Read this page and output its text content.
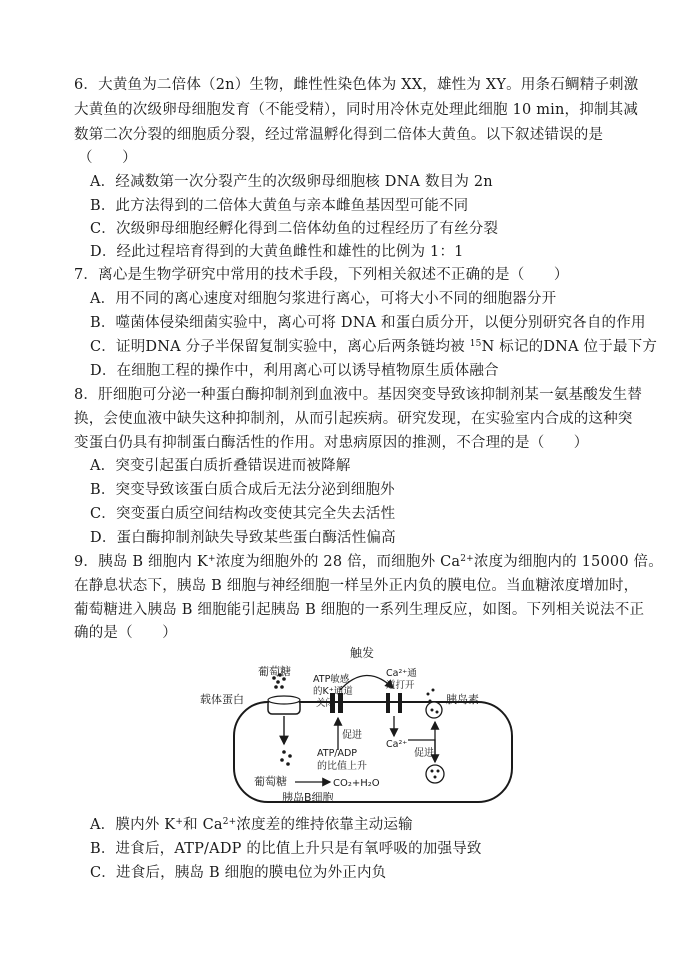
6．大黄鱼为二倍体（2n）生物，雌性性染色体为 XX，雄性为 XY。用条石鲷精子刺激
大黄鱼的次级卵母细胞发育（不能受精），同时用冷休克处理此细胞 10 min，抑制其减
数第二次分裂的细胞质分裂，经过常温孵化得到二倍体大黄鱼。以下叙述错误的是
（　　）
A．经减数第一次分裂产生的次级卵母细胞核 DNA 数目为 2n
B．此方法得到的二倍体大黄鱼与亲本雌鱼基因型可能不同
C．次级卵母细胞经孵化得到二倍体幼鱼的过程经历了有丝分裂
D．经此过程培育得到的大黄鱼雌性和雄性的比例为 1：1
7．离心是生物学研究中常用的技术手段，下列相关叙述不正确的是（　　）
A．用不同的离心速度对细胞匀浆进行离心，可将大小不同的细胞器分开
B．噬菌体侵染细菌实验中，离心可将 DNA 和蛋白质分开，以便分别研究各自的作用
C．证明DNA 分子半保留复制实验中，离心后两条链均被 $^{15}$N 标记的DNA 位于最下方
D．在细胞工程的操作中，利用离心可以诱导植物原生质体融合
8．肝细胞可分泌一种蛋白酶抑制剂到血液中。基因突变导致该抑制剂某一氨基酸发生替
换，会使血液中缺失这种抑制剂，从而引起疾病。研究发现，在实验室内合成的这种突
变蛋白仍具有抑制蛋白酶活性的作用。对患病原因的推测，不合理的是（　　）
A．突变引起蛋白质折叠错误进而被降解
B．突变导致该蛋白质合成后无法分泌到细胞外
C．突变蛋白质空间结构改变使其完全失去活性
D．蛋白酶抑制剂缺失导致某些蛋白酶活性偏高
9．胰岛 B 细胞内 K+浓度为细胞外的 28 倍，而细胞外 $Ca^{2+}$浓度为细胞内的 15000 倍。
在静息状态下，胰岛 B 细胞与神经细胞一样呈外正内负的膜电位。当血糖浓度增加时，
葡萄糖进入胰岛 B 细胞能引起胰岛 B 细胞的一系列生理反应，如图。下列相关说法不正
确的是（　　）
葡萄糖
触发
ATP敏感
的K⁺通道
关闭
Ca²⁺通
道打开
载体蛋白	胰岛素
促进
Ca²⁺
ATP/ADP
的比值上升
促进
葡萄糖	CO₂+H₂O
胰岛B细胞
A．膜内外 K+和 $Ca^{2+}$浓度差的维持依靠主动运输
B．进食后，ATP/ADP 的比值上升只是有氧呼吸的加强导致
C．进食后，胰岛 B 细胞的膜电位为外正内负
